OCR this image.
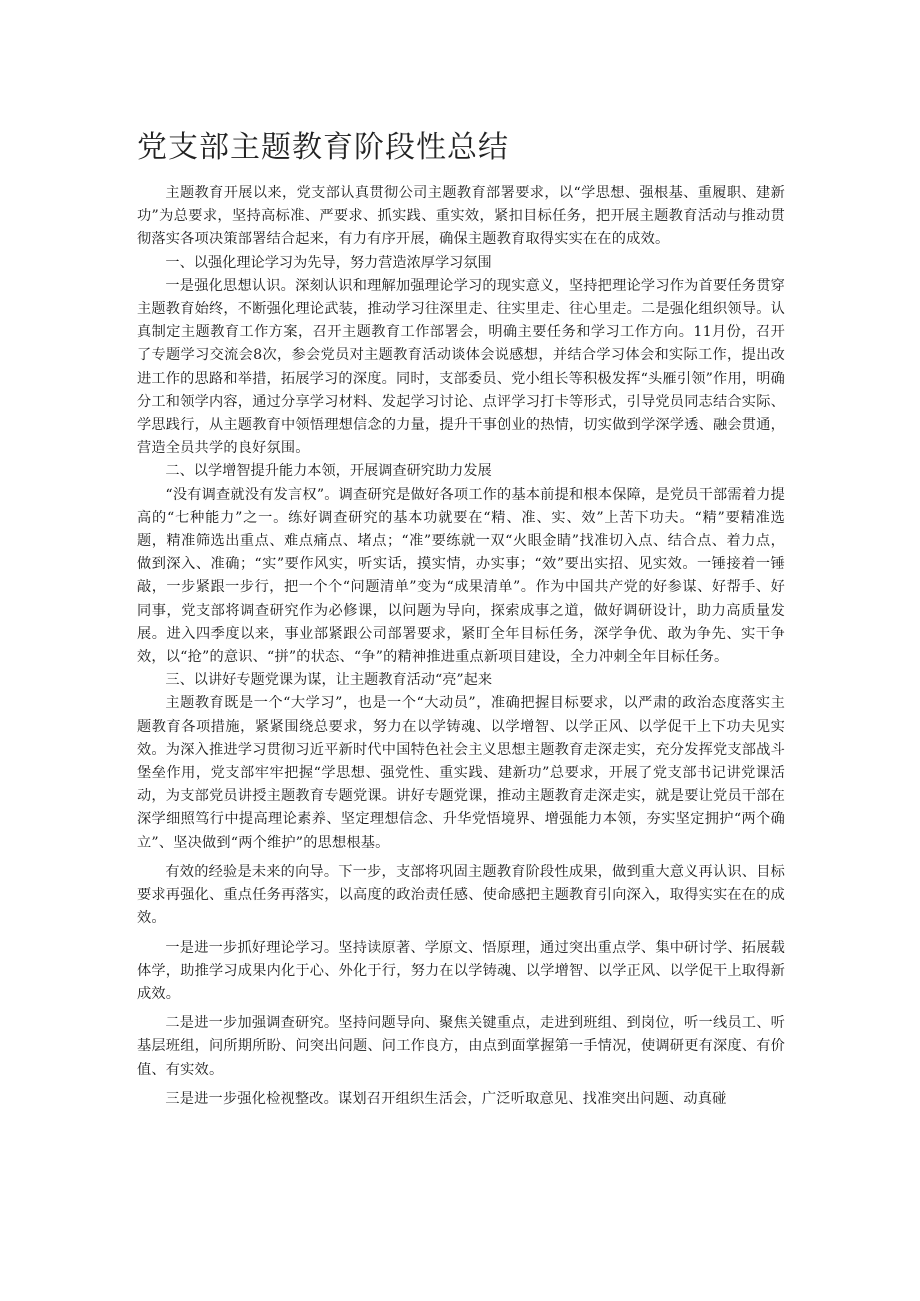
党支部主题教育阶段性总结

主题教育开展以来，党支部认真贯彻公司主题教育部署要求，以“学思想、强根基、重履职、建新功”为总要求，坚持高标准、严要求、抓实践、重实效，紧扣目标任务，把开展主题教育活动与推动贯彻落实各项决策部署结合起来，有力有序开展，确保主题教育取得实实在在的成效。

一、以强化理论学习为先导，努力营造浓厚学习氛围

一是强化思想认识。深刻认识和理解加强理论学习的现实意义，坚持把理论学习作为首要任务贯穿主题教育始终，不断强化理论武装，推动学习往深里走、往实里走、往心里走。二是强化组织领导。认真制定主题教育工作方案，召开主题教育工作部署会，明确主要任务和学习工作方向。11月份，召开了专题学习交流会8次，参会党员对主题教育活动谈体会说感想，并结合学习体会和实际工作，提出改进工作的思路和举措，拓展学习的深度。同时，支部委员、党小组长等积极发挥“头雁引领”作用，明确分工和领学内容，通过分享学习材料、发起学习讨论、点评学习打卡等形式，引导党员同志结合实际、学思践行，从主题教育中领悟理想信念的力量，提升干事创业的热情，切实做到学深学透、融会贯通，营造全员共学的良好氛围。

二、以学增智提升能力本领，开展调查研究助力发展

“没有调查就没有发言权”。调查研究是做好各项工作的基本前提和根本保障，是党员干部需着力提高的“七种能力”之一。练好调查研究的基本功就要在“精、准、实、效”上苦下功夫。“精”要精准选题，精准筛选出重点、难点痛点、堵点；“准”要练就一双“火眼金睛”找准切入点、结合点、着力点，做到深入、准确；“实”要作风实，听实话，摸实情，办实事；“效”要出实招、见实效。一锤接着一锤敲，一步紧跟一步行，把一个个“问题清单”变为“成果清单”。作为中国共产党的好参谋、好帮手、好同事，党支部将调查研究作为必修课，以问题为导向，探索成事之道，做好调研设计，助力高质量发展。进入四季度以来，事业部紧跟公司部署要求，紧盯全年目标任务，深学争优、敢为争先、实干争效，以“抢”的意识、“拼”的状态、“争”的精神推进重点新项目建设，全力冲刺全年目标任务。

三、以讲好专题党课为谋，让主题教育活动“亮”起来

主题教育既是一个“大学习”，也是一个“大动员”，准确把握目标要求，以严肃的政治态度落实主题教育各项措施，紧紧围绕总要求，努力在以学铸魂、以学增智、以学正风、以学促干上下功夫见实效。为深入推进学习贯彻习近平新时代中国特色社会主义思想主题教育走深走实，充分发挥党支部战斗堡垒作用，党支部牢牢把握“学思想、强党性、重实践、建新功”总要求，开展了党支部书记讲党课活动，为支部党员讲授主题教育专题党课。讲好专题党课，推动主题教育走深走实，就是要让党员干部在深学细照笃行中提高理论素养、坚定理想信念、升华党悟境界、增强能力本领，夯实坚定拥护“两个确立”、坚决做到“两个维护”的思想根基。

有效的经验是未来的向导。下一步，支部将巩固主题教育阶段性成果，做到重大意义再认识、目标要求再强化、重点任务再落实，以高度的政治责任感、使命感把主题教育引向深入，取得实实在在的成效。

一是进一步抓好理论学习。坚持读原著、学原文、悟原理，通过突出重点学、集中研讨学、拓展载体学，助推学习成果内化于心、外化于行，努力在以学铸魂、以学增智、以学正风、以学促干上取得新成效。

二是进一步加强调查研究。坚持问题导向、聚焦关键重点，走进到班组、到岗位，听一线员工、听基层班组，问所期所盼、问突出问题、问工作良方，由点到面掌握第一手情况，使调研更有深度、有价值、有实效。

三是进一步强化检视整改。谋划召开组织生活会，广泛听取意见、找准突出问题、动真碰
